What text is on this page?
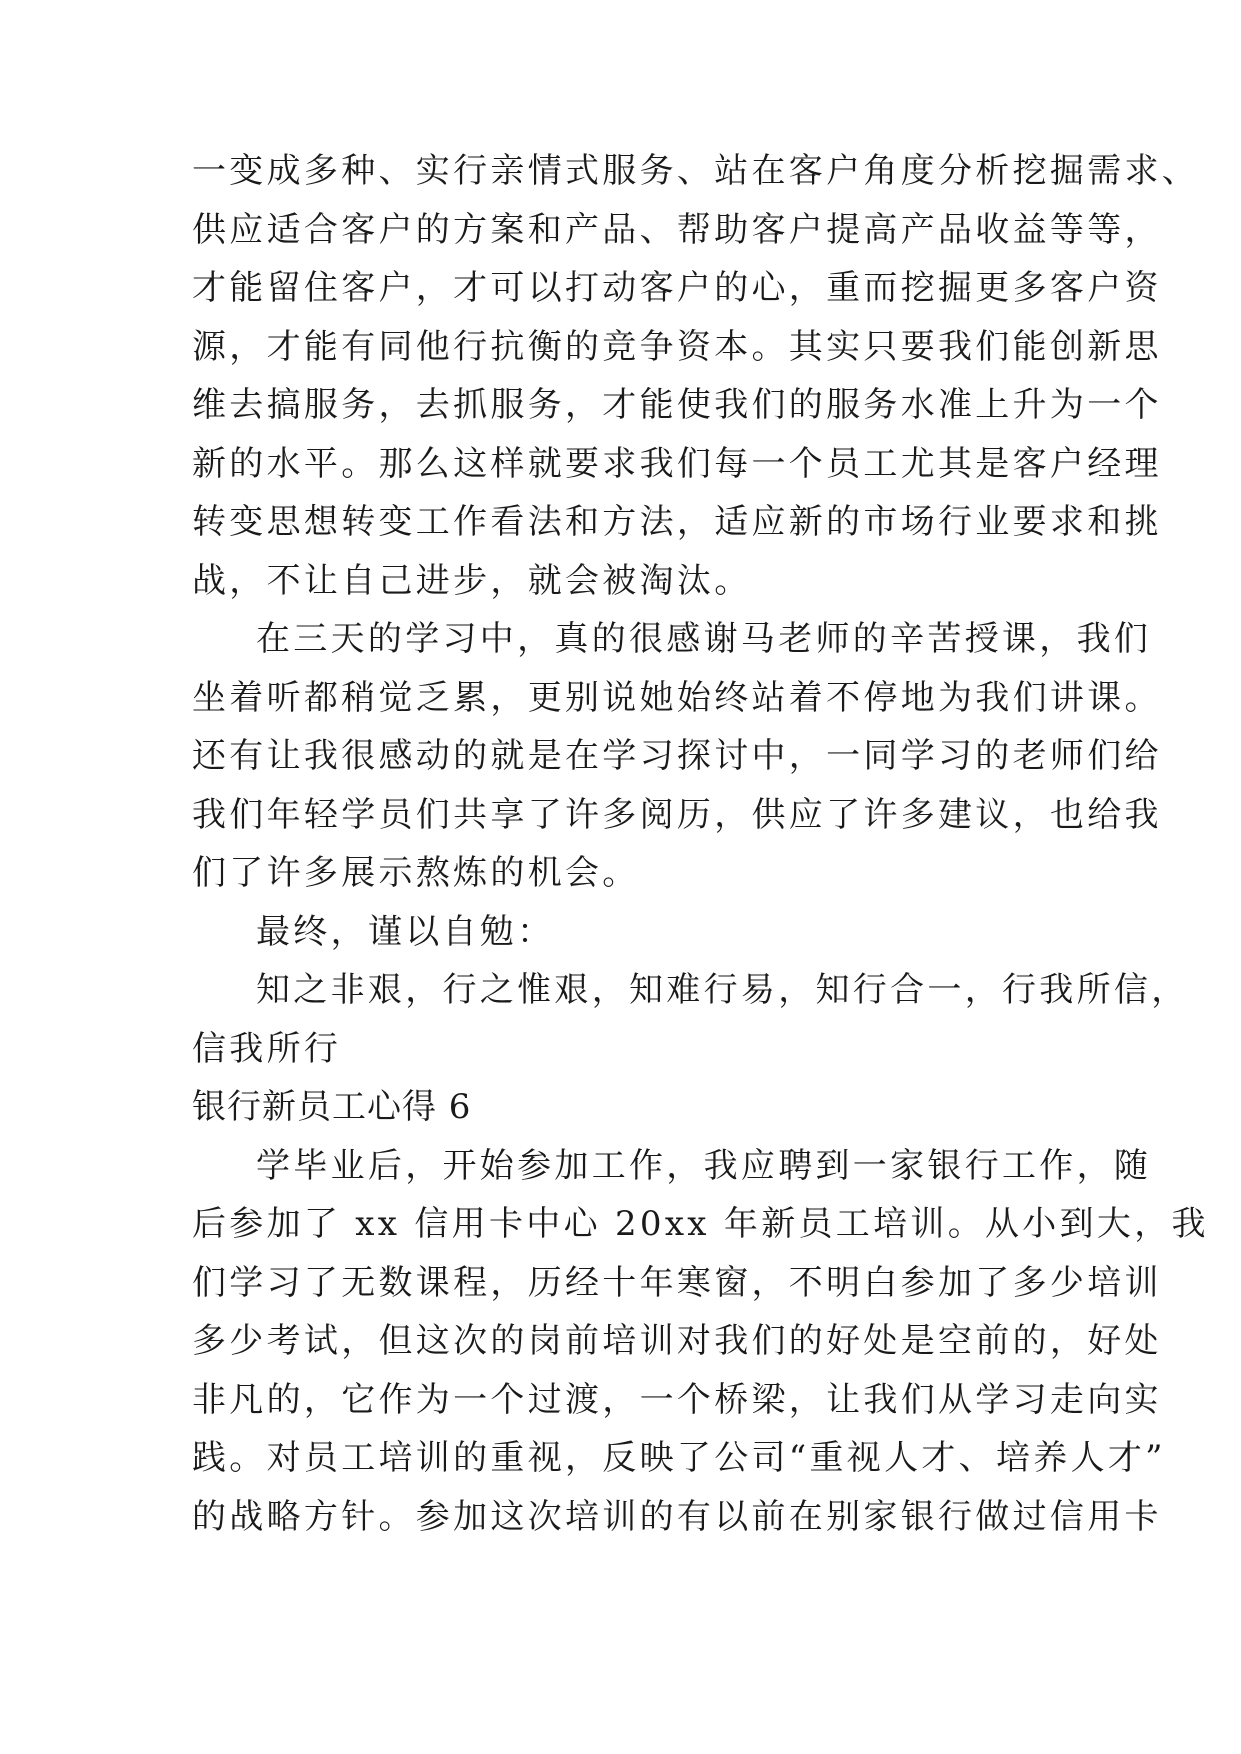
一变成多种、实行亲情式服务、站在客户角度分析挖掘需求、
供应适合客户的方案和产品、帮助客户提高产品收益等等，
才能留住客户，才可以打动客户的心，重而挖掘更多客户资
源，才能有同他行抗衡的竞争资本。其实只要我们能创新思
维去搞服务，去抓服务，才能使我们的服务水准上升为一个
新的水平。那么这样就要求我们每一个员工尤其是客户经理
转变思想转变工作看法和方法，适应新的市场行业要求和挑
战，不让自己进步，就会被淘汰。
在三天的学习中，真的很感谢马老师的辛苦授课，我们
坐着听都稍觉乏累，更别说她始终站着不停地为我们讲课。
还有让我很感动的就是在学习探讨中，一同学习的老师们给
我们年轻学员们共享了许多阅历，供应了许多建议，也给我
们了许多展示熬炼的机会。
最终，谨以自勉：
知之非艰，行之惟艰，知难行易，知行合一，行我所信，
信我所行
银行新员工心得 6
学毕业后，开始参加工作，我应聘到一家银行工作，随
后参加了 xx 信用卡中心 20xx 年新员工培训。从小到大，我
们学习了无数课程，历经十年寒窗，不明白参加了多少培训
多少考试，但这次的岗前培训对我们的好处是空前的，好处
非凡的，它作为一个过渡，一个桥梁，让我们从学习走向实
践。对员工培训的重视，反映了公司“重视人才、培养人才”
的战略方针。参加这次培训的有以前在别家银行做过信用卡
